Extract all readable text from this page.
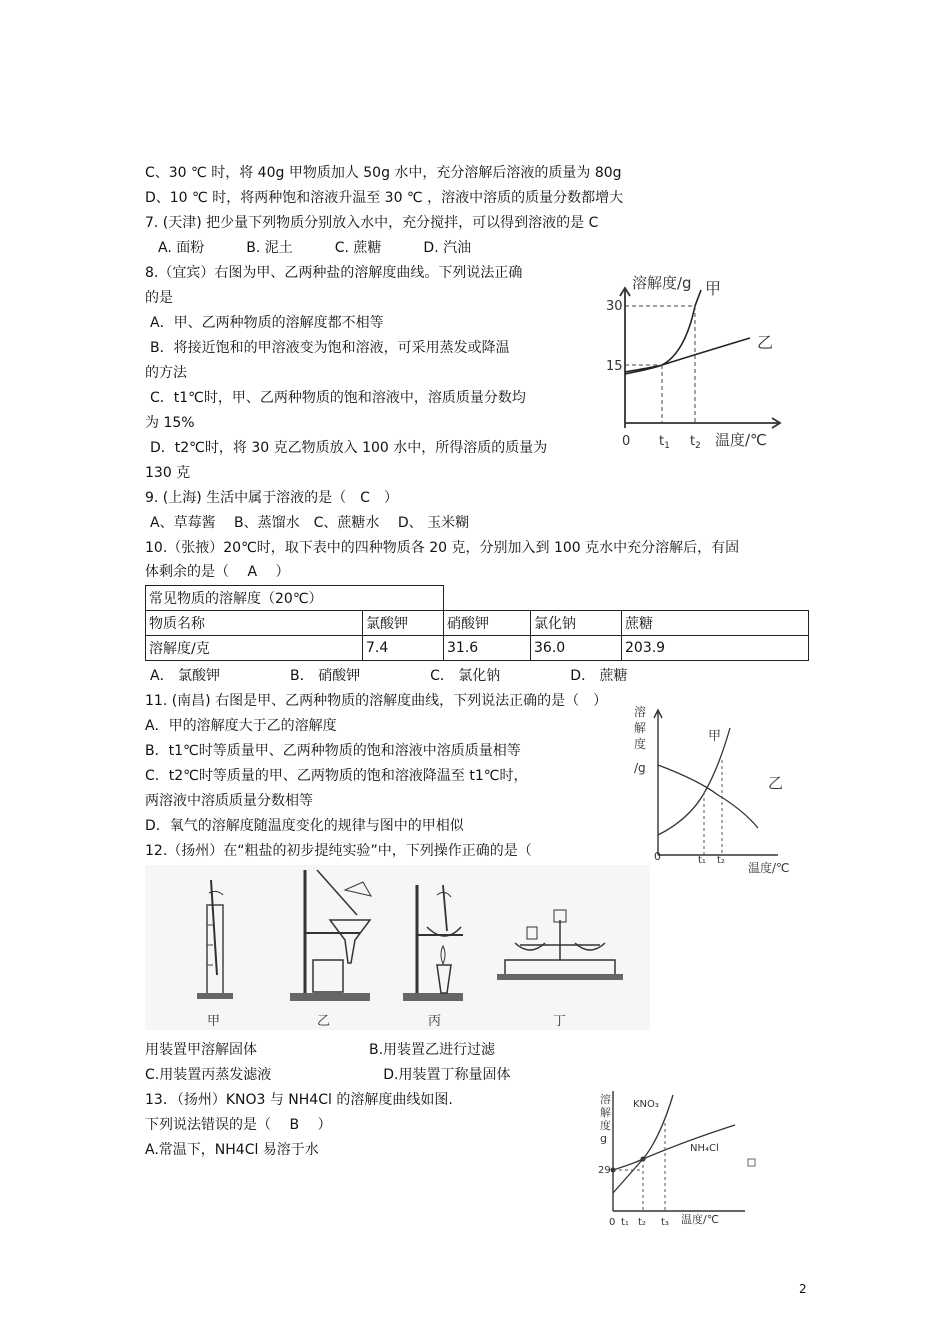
C、30 ℃ 时，将 40g 甲物质加人 50g 水中，充分溶解后溶液的质量为 80g
D、10 ℃ 时，将两种饱和溶液升温至 30 ℃ ，溶液中溶质的质量分数都增大
7. (天津) 把少量下列物质分别放入水中，充分搅拌，可以得到溶液的是 C
A. 面粉　　　B. 泥土　　　C. 蔗糖　　　D. 汽油
8.（宜宾）右图为甲、乙两种盐的溶解度曲线。下列说法正确
的是
A．甲、乙两种物质的溶解度都不相等
B．将接近饱和的甲溶液变为饱和溶液，可采用蒸发或降温
的方法
C．t1℃时，甲、乙两种物质的饱和溶液中，溶质质量分数均
为 15%
D．t2℃时，将 30 克乙物质放入 100 水中，所得溶质的质量为
130 克
9. (上海) 生活中属于溶液的是（　C　）
A、草莓酱　 B、蒸馏水　C、蔗糖水　 D、 玉米糊
10.（张掖）20℃时，取下表中的四种物质各 20 克，分别加入到 100 克水中充分溶解后，有固
体剩余的是（　 A　 ）
常见物质的溶解度（20℃）				
物质名称	氯酸钾	硝酸钾	氯化钠	蔗糖
溶解度/克	7.4	31.6	36.0	203.9
A． 氯酸钾　　　　　B． 硝酸钾　　　　　C． 氯化钠　　　　　D． 蔗糖
11. (南昌) 右图是甲、乙两种物质的溶解度曲线，下列说法正确的是（　）
A．甲的溶解度大于乙的溶解度
B．t1℃时等质量甲、乙两种物质的饱和溶液中溶质质量相等
C．t2℃时等质量的甲、乙两物质的饱和溶液降温至 t1℃时，
两溶液中溶质质量分数相等
D．氧气的溶解度随温度变化的规律与图中的甲相似
12.（扬州）在“粗盐的初步提纯实验”中，下列操作正确的是（
用装置甲溶解固体　　　　　　　　B.用装置乙进行过滤
C.用装置丙蒸发滤液　　　　　　　　D.用装置丁称量固体
13．（扬州）KNO3 与 NH4Cl 的溶解度曲线如图.
下列说法错误的是（　 B　 ）
A.常温下，NH4Cl 易溶于水
溶解度/g 甲
乙
30
15
0 $t_1$ $t_2$ 温度/℃
溶
解
度
/g
0
甲
乙
t₁ t₂
温度/℃
甲	乙	丙	丁
溶
解
度
g
KNO₃
NH₄Cl
29
0 t₁ t₂ t₃ 温度/℃
2
